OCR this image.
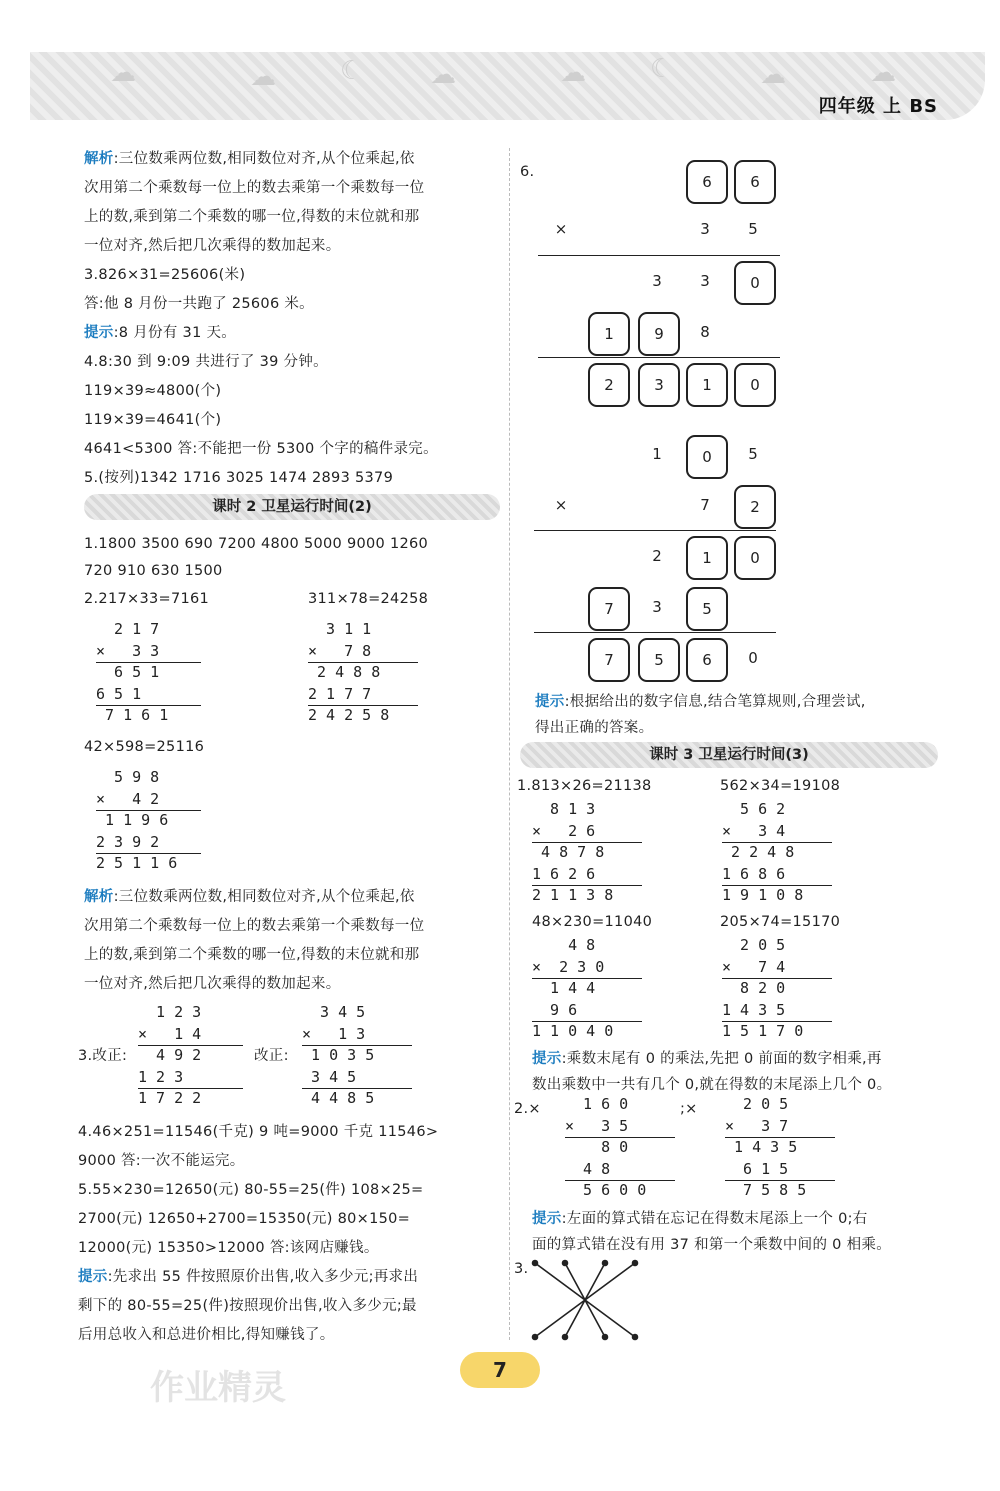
☁	☁ ☾	☁	☁ ☾	☁	☁
四年级 上 BS
解析:三位数乘两位数,相同数位对齐,从个位乘起,依
次用第二个乘数每一位上的数去乘第一个乘数每一位
上的数,乘到第二个乘数的哪一位,得数的末位就和那
一位对齐,然后把几次乘得的数加起来。
3.826×31=25606(米)
答:他 8 月份一共跑了 25606 米。
提示:8 月份有 31 天。
4.8:30 到 9:09 共进行了 39 分钟。
119×39≈4800(个)
119×39=4641(个)
4641<5300 答:不能把一份 5300 个字的稿件录完。
5.(按列)1342 1716 3025 1474 2893 5379
课时 2 卫星运行时间(2)
1.1800 3500 690 7200 4800 5000 9000 1260
720 910 630 1500
2.217×33=7161	311×78=24258
2 1 7
×   3 3
6 5 1
6 5 1
7 1 6 1
3 1 1
×   7 8
2 4 8 8
2 1 7 7
2 4 2 5 8
42×598=25116
5 9 8
×   4 2
1 1 9 6
2 3 9 2
2 5 1 1 6
解析:三位数乘两位数,相同数位对齐,从个位乘起,依
次用第二个乘数每一位上的数去乘第一个乘数每一位
上的数,乘到第二个乘数的哪一位,得数的末位就和那
一位对齐,然后把几次乘得的数加起来。
3.改正:
1 2 3
×   1 4
4 9 2
1 2 3
1 7 2 2
改正:
3 4 5
×   1 3
1 0 3 5
3 4 5
4 4 8 5
4.46×251=11546(千克) 9 吨=9000 千克 11546>
9000 答:一次不能运完。
5.55×230=12650(元) 80-55=25(件) 108×25=
2700(元) 12650+2700=15350(元) 80×150=
12000(元) 15350>12000 答:该网店赚钱。
提示:先求出 55 件按照原价出售,收入多少元;再求出
剩下的 80-55=25(件)按照现价出售,收入多少元;最
后用总收入和总进价相比,得知赚钱了。
作业精灵
6.
6	6
×	3	5
3	3	0
1	9	8
2	3	1	0
1	0	5
×	7	2
2	1	0
7	3	5
7	5	6	0
提示:根据给出的数字信息,结合笔算规则,合理尝试,
得出正确的答案。
课时 3 卫星运行时间(3)
1.813×26=21138	562×34=19108
8 1 3
×   2 6
4 8 7 8
1 6 2 6
2 1 1 3 8
5 6 2
×   3 4
2 2 4 8
1 6 8 6
1 9 1 0 8
48×230=11040	205×74=15170
4 8
×  2 3 0
1 4 4
9 6
1 1 0 4 0
2 0 5
×   7 4
8 2 0
1 4 3 5
1 5 1 7 0
提示:乘数末尾有 0 的乘法,先把 0 前面的数字相乘,再
数出乘数中一共有几个 0,就在得数的末尾添上几个 0。
2.× 1 6 0
×   3 5
8 0
4 8
5 6 0 0
;× 2 0 5
×   3 7
1 4 3 5
6 1 5
7 5 8 5
提示:左面的算式错在忘记在得数末尾添上一个 0;右
面的算式错在没有用 37 和第一个乘数中间的 0 相乘。
3.
7
